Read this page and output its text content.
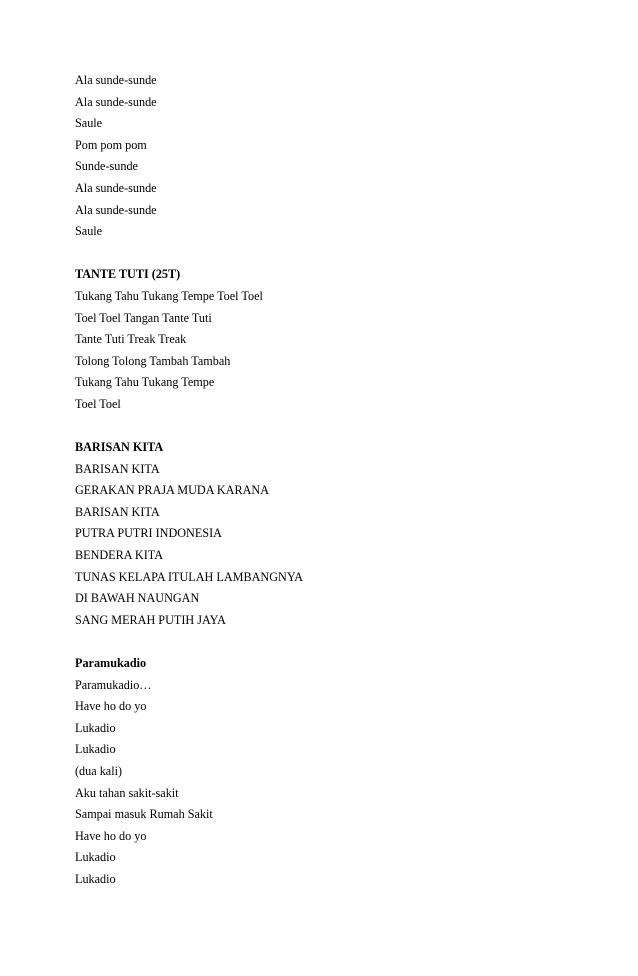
Ala sunde-sunde
Ala sunde-sunde
Saule
Pom pom pom
Sunde-sunde
Ala sunde-sunde
Ala sunde-sunde
Saule
TANTE TUTI (25T)
Tukang Tahu Tukang Tempe Toel Toel
Toel Toel Tangan Tante Tuti
Tante Tuti Treak Treak
Tolong Tolong Tambah Tambah
Tukang Tahu Tukang Tempe
Toel Toel
BARISAN KITA
BARISAN KITA
GERAKAN PRAJA MUDA KARANA
BARISAN KITA
PUTRA PUTRI INDONESIA
BENDERA KITA
TUNAS KELAPA ITULAH LAMBANGNYA
DI BAWAH NAUNGAN
SANG MERAH PUTIH JAYA
Paramukadio
Paramukadio…
Have ho do yo
Lukadio
Lukadio
(dua kali)
Aku tahan sakit-sakit
Sampai masuk Rumah Sakit
Have ho do yo
Lukadio
Lukadio
